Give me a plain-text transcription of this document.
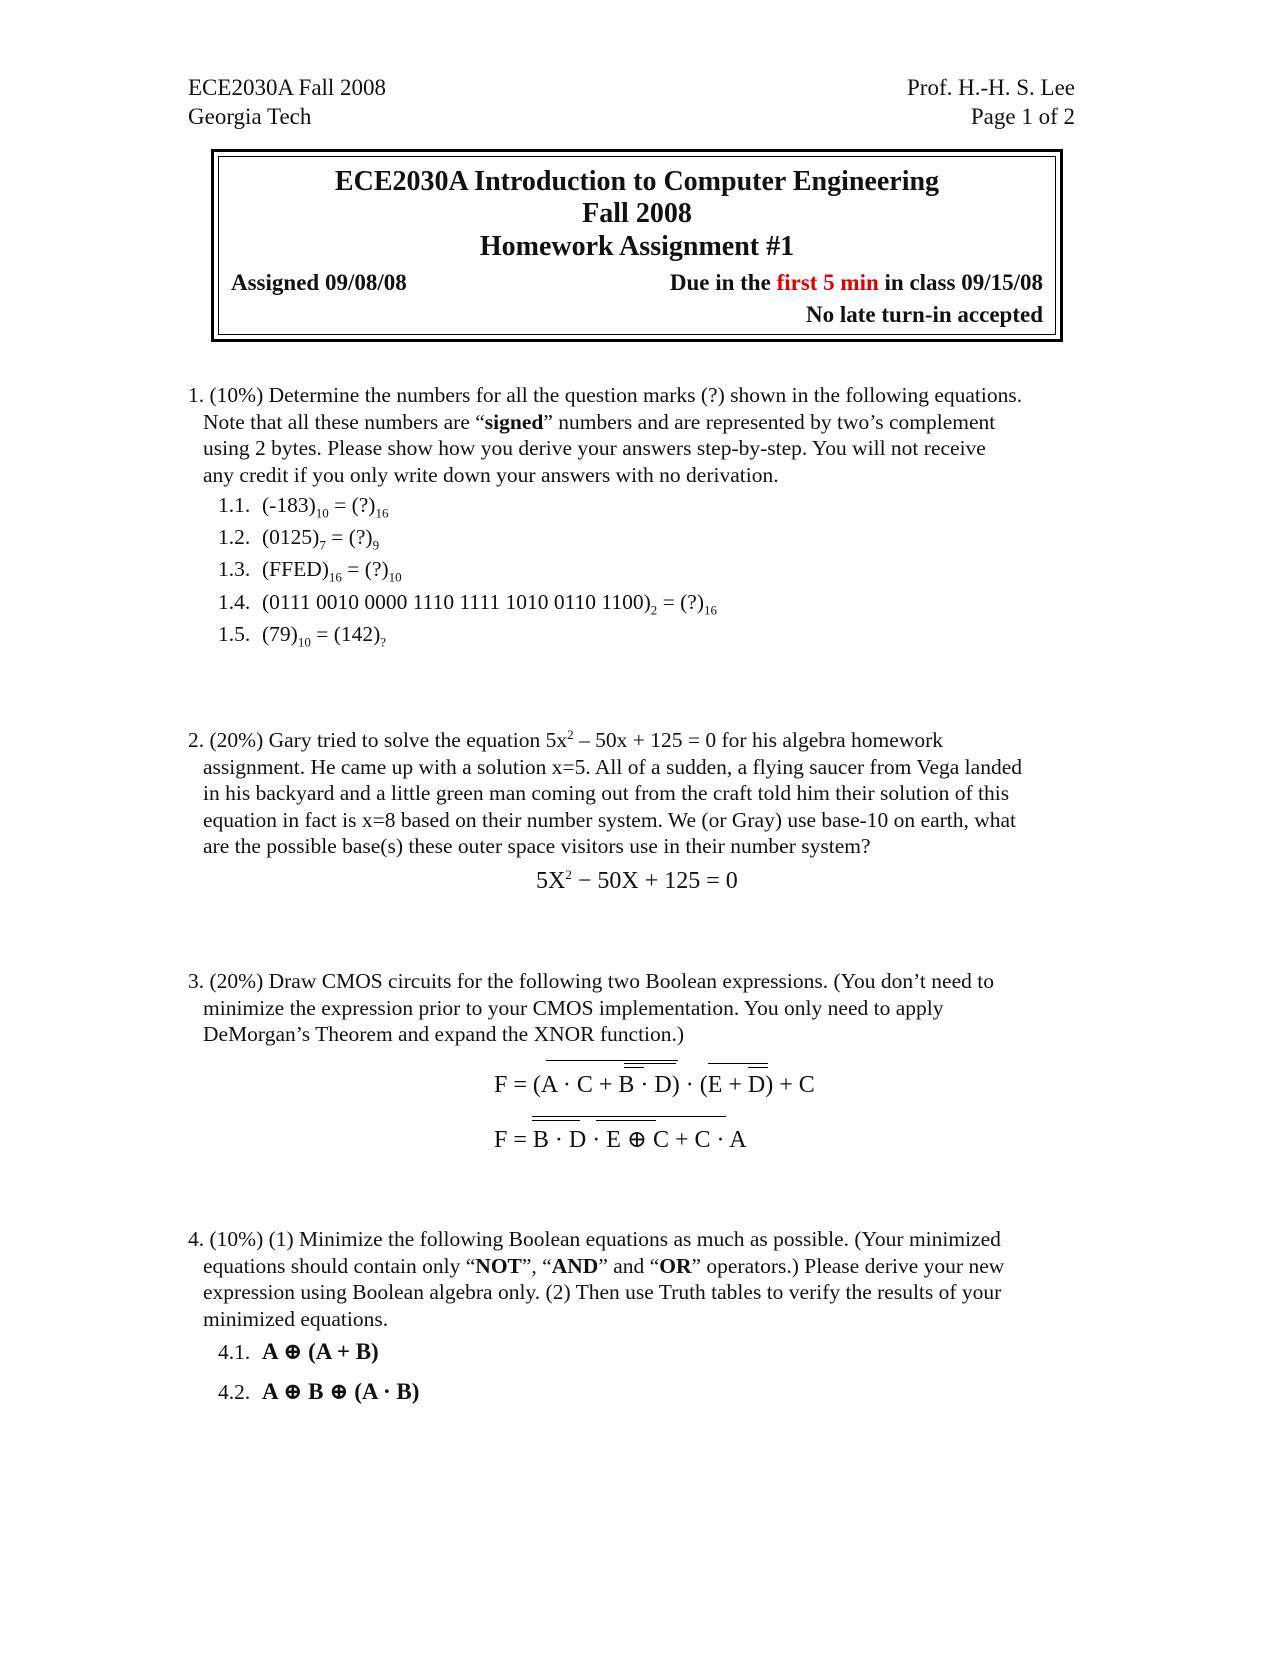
ECE2030A Fall 2008
Georgia Tech
Prof. H.-H. S. Lee
Page 1 of 2
ECE2030A Introduction to Computer Engineering
Fall 2008
Homework Assignment #1
Assigned 09/08/08	Due in the first 5 min in class 09/15/08
No late turn-in accepted
1. (10%) Determine the numbers for all the question marks (?) shown in the following equations.
Note that all these numbers are “signed” numbers and are represented by two’s complement
using 2 bytes. Please show how you derive your answers step-by-step. You will not receive
any credit if you only write down your answers with no derivation.
1.1. $(-183)_{10}$ = $(?)_{16}$
1.2. $(0125)_7$ = $(?)_9$
1.3. $(FFED)_{16}$ = $(?)_{10}$
1.4. (0111 0010 0000 1110 1111 1010 0110 $1100)_2$ = $(?)_{16}$
1.5. $(79)_{10} = (142)_?$
2. (20%) Gary tried to solve the equation $5x^2 - 50x + 125 = 0$ for his algebra homework
assignment. He came up with a solution x=5. All of a sudden, a flying saucer from Vega landed
in his backyard and a little green man coming out from the craft told him their solution of this
equation in fact is x=8 based on their number system. We (or Gray) use base-10 on earth, what
are the possible base(s) these outer space visitors use in their number system?
$5X^2 - 50X + 125 = 0$
3. (20%) Draw CMOS circuits for the following two Boolean expressions. (You don’t need to
minimize the expression prior to your CMOS implementation. You only need to apply
DeMorgan’s Theorem and expand the XNOR function.)
F = (A · C + B · D) · (E + D) + C
F = B · D · E ⊕ C + C · A
4. (10%) (1) Minimize the following Boolean equations as much as possible. (Your minimized
equations should contain only “NOT”, “AND” and “OR” operators.) Please derive your new
expression using Boolean algebra only. (2) Then use Truth tables to verify the results of your
minimized equations.
4.1. A ⊕ (A + B)
4.2. A ⊕ B ⊕ (A · B)
